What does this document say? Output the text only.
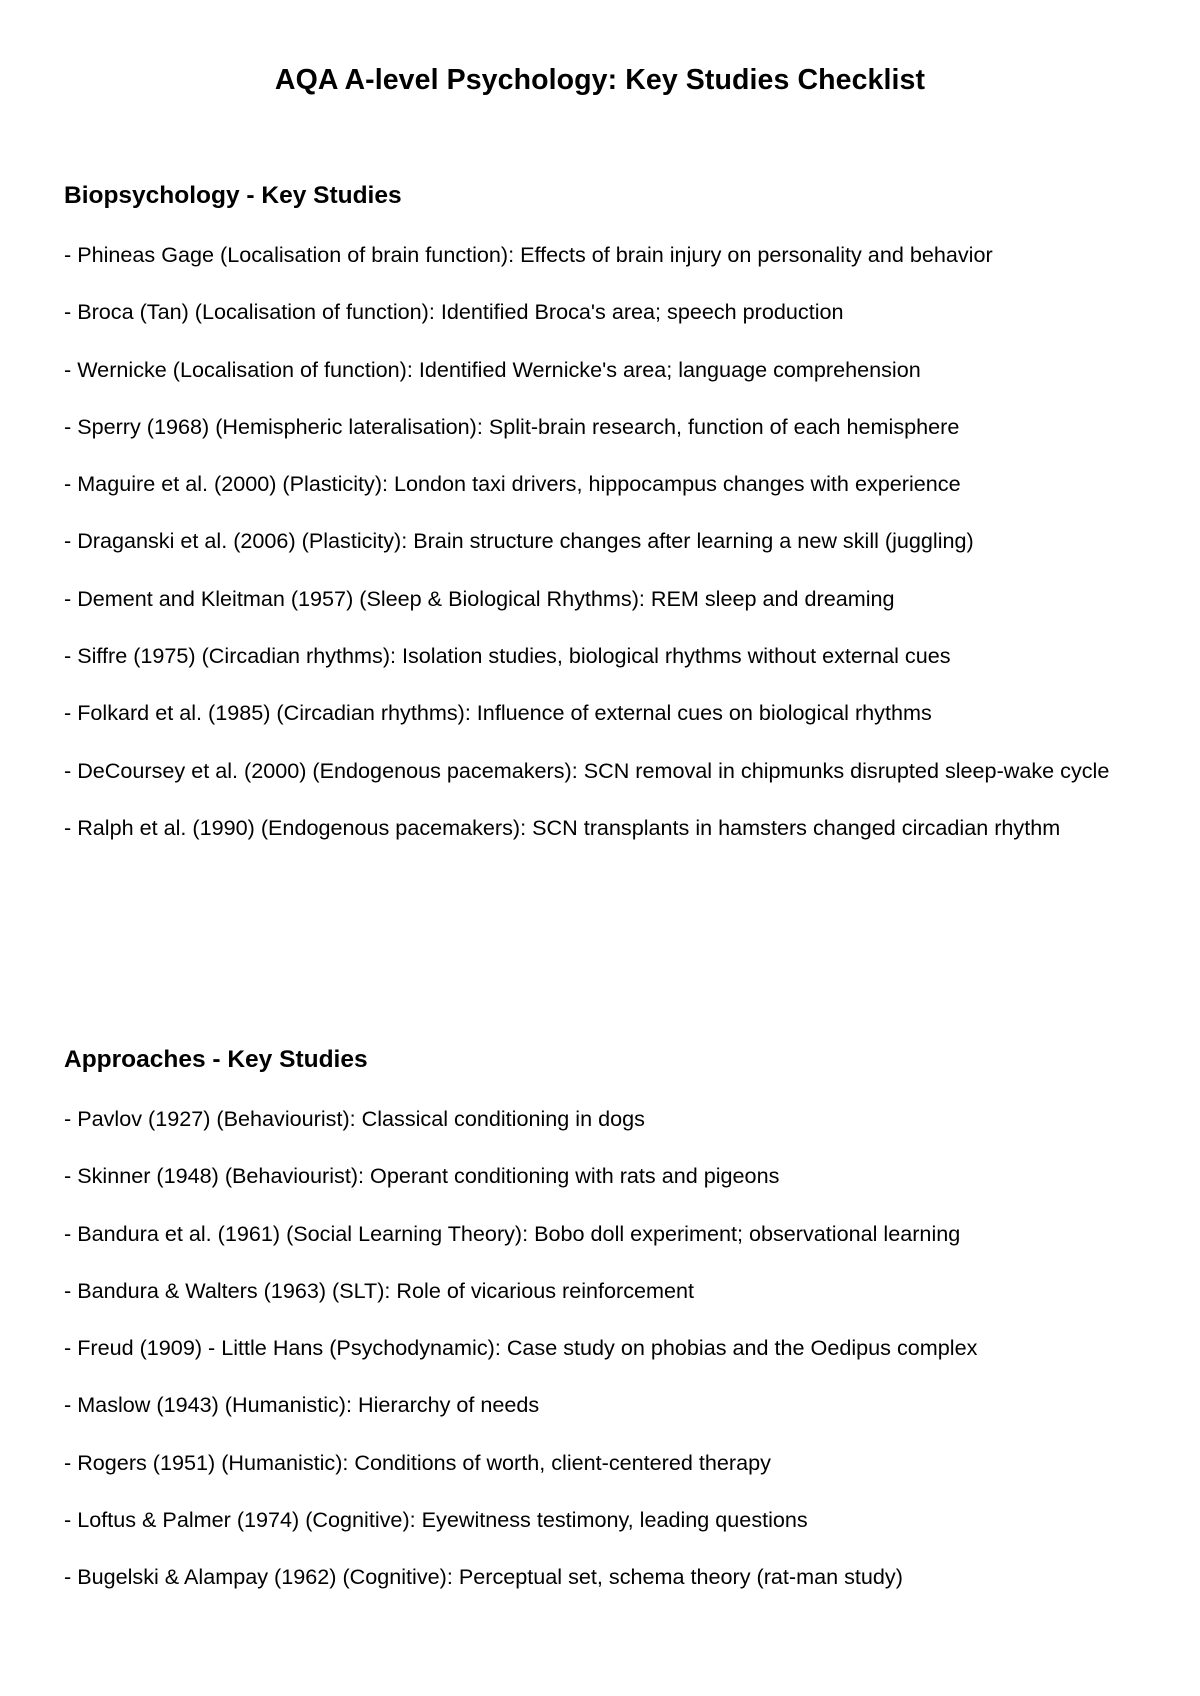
AQA A-level Psychology: Key Studies Checklist
Biopsychology - Key Studies
- Phineas Gage (Localisation of brain function): Effects of brain injury on personality and behavior
- Broca (Tan) (Localisation of function): Identified Broca's area; speech production
- Wernicke (Localisation of function): Identified Wernicke's area; language comprehension
- Sperry (1968) (Hemispheric lateralisation): Split-brain research, function of each hemisphere
- Maguire et al. (2000) (Plasticity): London taxi drivers, hippocampus changes with experience
- Draganski et al. (2006) (Plasticity): Brain structure changes after learning a new skill (juggling)
- Dement and Kleitman (1957) (Sleep & Biological Rhythms): REM sleep and dreaming
- Siffre (1975) (Circadian rhythms): Isolation studies, biological rhythms without external cues
- Folkard et al. (1985) (Circadian rhythms): Influence of external cues on biological rhythms
- DeCoursey et al. (2000) (Endogenous pacemakers): SCN removal in chipmunks disrupted sleep-wake cycle
- Ralph et al. (1990) (Endogenous pacemakers): SCN transplants in hamsters changed circadian rhythm
Approaches - Key Studies
- Pavlov (1927) (Behaviourist): Classical conditioning in dogs
- Skinner (1948) (Behaviourist): Operant conditioning with rats and pigeons
- Bandura et al. (1961) (Social Learning Theory): Bobo doll experiment; observational learning
- Bandura & Walters (1963) (SLT): Role of vicarious reinforcement
- Freud (1909) - Little Hans (Psychodynamic): Case study on phobias and the Oedipus complex
- Maslow (1943) (Humanistic): Hierarchy of needs
- Rogers (1951) (Humanistic): Conditions of worth, client-centered therapy
- Loftus & Palmer (1974) (Cognitive): Eyewitness testimony, leading questions
- Bugelski & Alampay (1962) (Cognitive): Perceptual set, schema theory (rat-man study)
